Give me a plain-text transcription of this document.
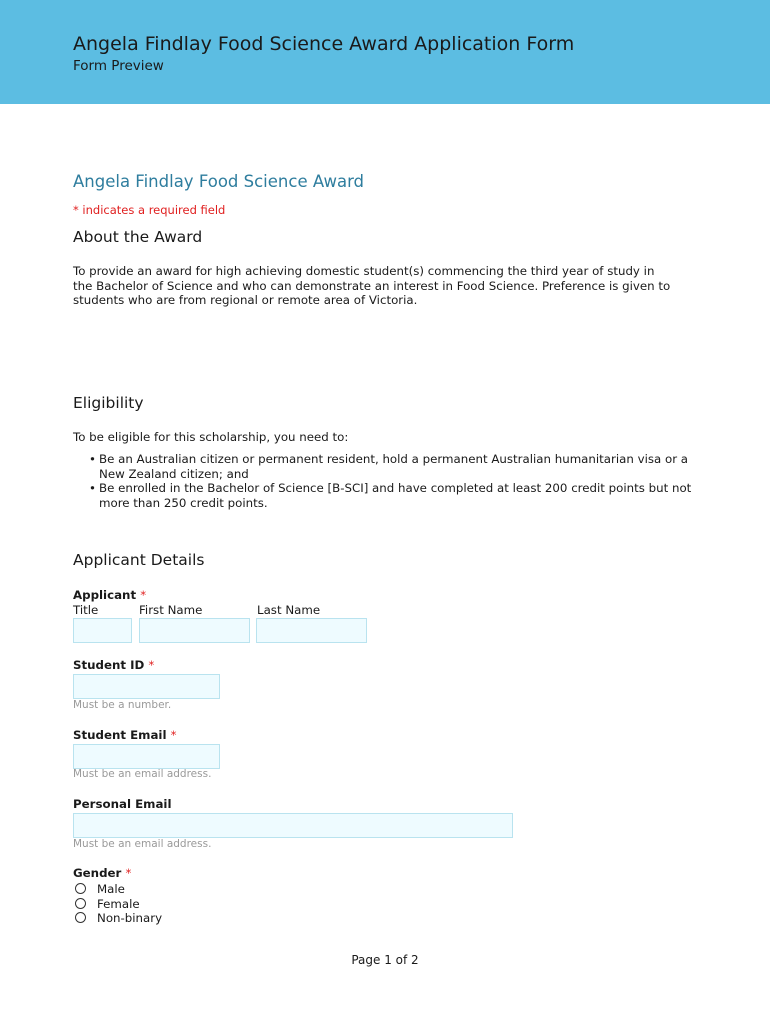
Angela Findlay Food Science Award Application Form
Form Preview
Angela Findlay Food Science Award
* indicates a required field
About the Award
To provide an award for high achieving domestic student(s) commencing the third year of study in the Bachelor of Science and who can demonstrate an interest in Food Science. Preference is given to students who are from regional or remote area of Victoria.
Eligibility
To be eligible for this scholarship, you need to:
• Be an Australian citizen or permanent resident, hold a permanent Australian humanitarian visa or a New Zealand citizen; and
• Be enrolled in the Bachelor of Science [B-SCI] and have completed at least 200 credit points but not more than 250 credit points.
Applicant Details
Applicant *
Title	First Name	Last Name
Student ID *
Must be a number.
Student Email *
Must be an email address.
Personal Email
Must be an email address.
Gender *
Male
Female
Non-binary
Page 1 of 2
